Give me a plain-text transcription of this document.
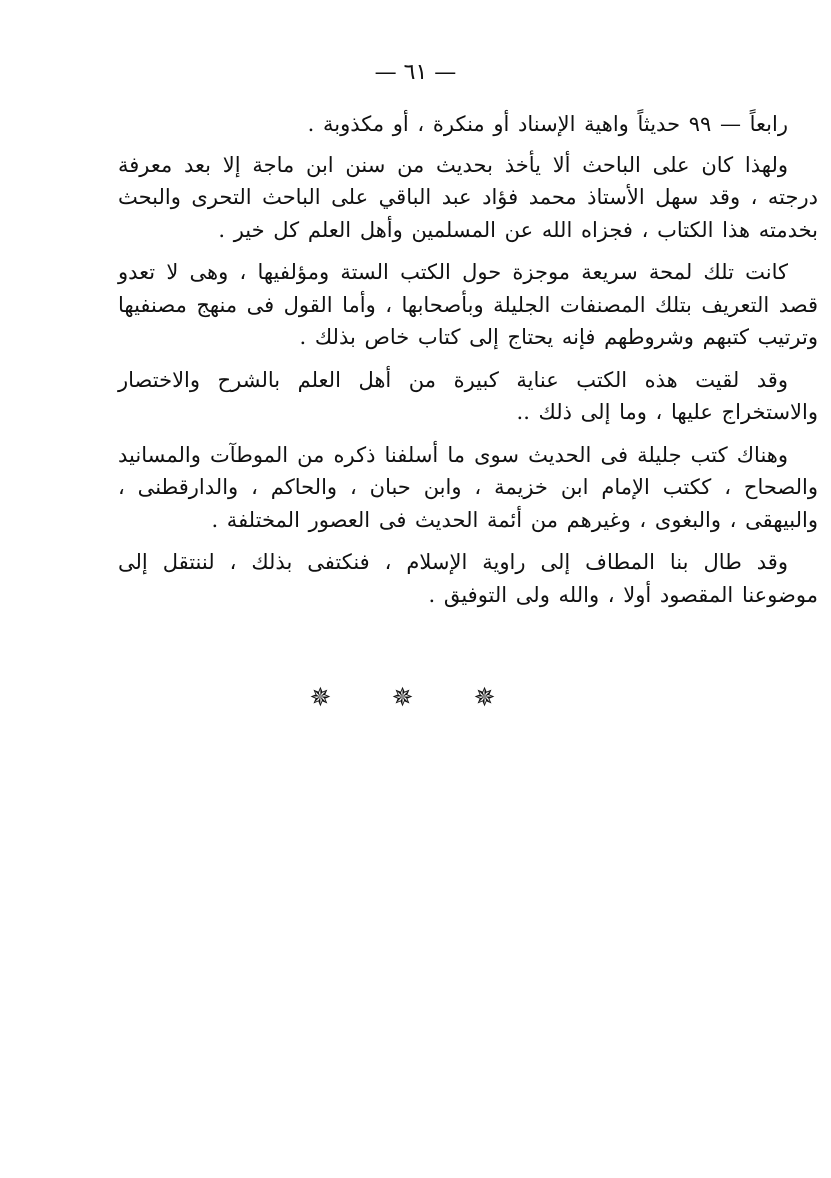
— ٦١ —

رابعاً — ٩٩ حديثاً واهية الإسناد أو منكرة ، أو مكذوبة .

ولهذا كان على الباحث ألا يأخذ بحديث من سنن ابن ماجة إلا بعد معرفة درجته ، وقد سهل الأستاذ محمد فؤاد عبد الباقي على الباحث التحرى والبحث بخدمته هذا الكتاب ، فجزاه الله عن المسلمين وأهل العلم كل خير .

كانت تلك لمحة سريعة موجزة حول الكتب الستة ومؤلفيها ، وهى لا تعدو قصد التعريف بتلك المصنفات الجليلة وبأصحابها ، وأما القول فى منهج مصنفيها وترتيب كتبهم وشروطهم فإنه يحتاج إلى كتاب خاص بذلك .

وقد لقيت هذه الكتب عناية كبيرة من أهل العلم بالشرح والاختصار والاستخراج عليها ، وما إلى ذلك ..

وهناك كتب جليلة فى الحديث سوى ما أسلفنا ذكره من الموطآت والمسانيد والصحاح ، ككتب الإمام ابن خزيمة ، وابن حبان ، والحاكم ، والدارقطنى ، والبيهقى ، والبغوى ، وغيرهم من أئمة الحديث فى العصور المختلفة .

وقد طال بنا المطاف إلى راوية الإسلام ، فنكتفى بذلك ، لننتقل إلى موضوعنا المقصود أولا ، والله ولى التوفيق .

✵ ✵ ✵
